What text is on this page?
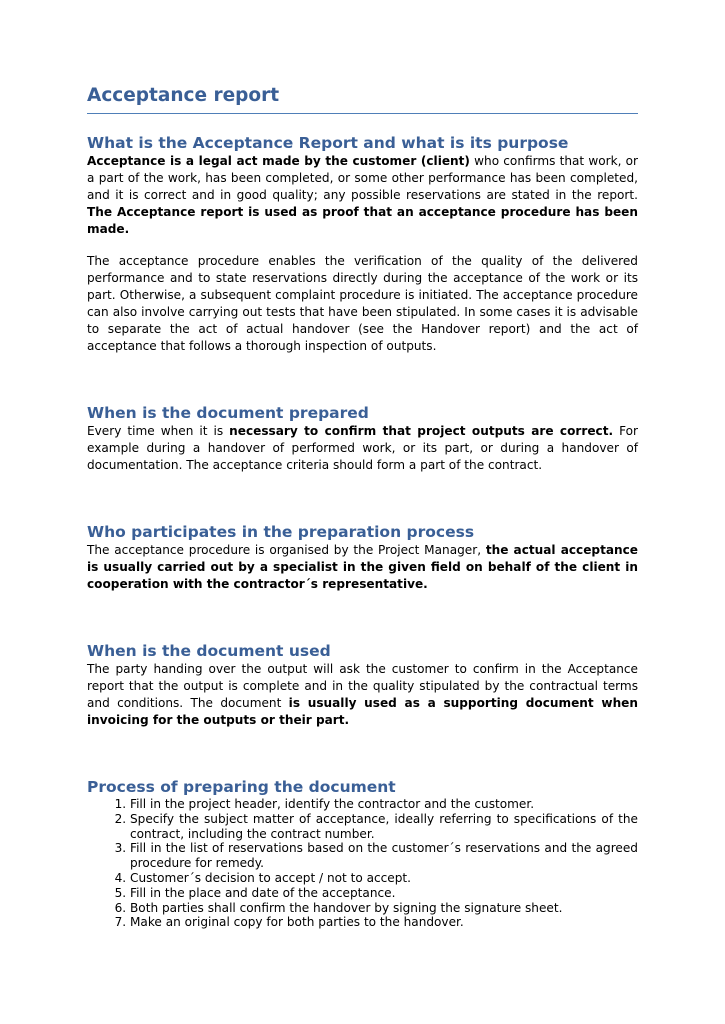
Acceptance report
What is the Acceptance Report and what is its purpose

Acceptance is a legal act made by the customer (client) who confirms that work, or a part of the work, has been completed, or some other performance has been completed, and it is correct and in good quality; any possible reservations are stated in the report. The Acceptance report is used as proof that an acceptance procedure has been made.

The acceptance procedure enables the verification of the quality of the delivered performance and to state reservations directly during the acceptance of the work or its part. Otherwise, a subsequent complaint procedure is initiated. The acceptance procedure can also involve carrying out tests that have been stipulated. In some cases it is advisable to separate the act of actual handover (see the Handover report) and the act of acceptance that follows a thorough inspection of outputs.

When is the document prepared

Every time when it is necessary to confirm that project outputs are correct. For example during a handover of performed work, or its part, or during a handover of documentation. The acceptance criteria should form a part of the contract.

Who participates in the preparation process

The acceptance procedure is organised by the Project Manager, the actual acceptance is usually carried out by a specialist in the given field on behalf of the client in cooperation with the contractor´s representative.

When is the document used

The party handing over the output will ask the customer to confirm in the Acceptance report that the output is complete and in the quality stipulated by the contractual terms and conditions. The document is usually used as a supporting document when invoicing for the outputs or their part.

Process of preparing the document
1. Fill in the project header, identify the contractor and the customer.
2. Specify the subject matter of acceptance, ideally referring to specifications of the contract, including the contract number.
3. Fill in the list of reservations based on the customer´s reservations and the agreed procedure for remedy.
4. Customer´s decision to accept / not to accept.
5. Fill in the place and date of the acceptance.
6. Both parties shall confirm the handover by signing the signature sheet.
7. Make an original copy for both parties to the handover.
